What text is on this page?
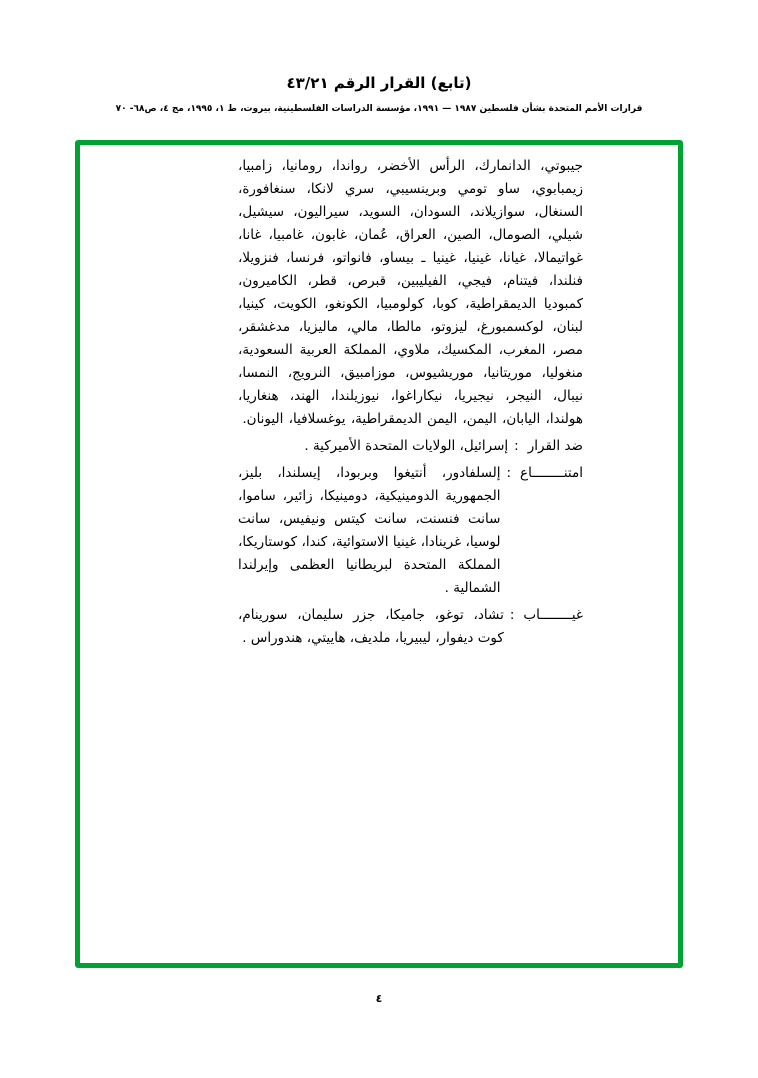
(تابع) القرار الرقم ٤٣/٢١
قرارات الأمم المتحدة بشأن فلسطين ١٩٨٧ — ١٩٩١، مؤسسة الدراسات الفلسطينية، بيروت، ط ١، ١٩٩٥، مج ٤، ص٦٨- ٧٠
جيبوتي، الدانمارك، الرأس الأخضر، رواندا، رومانيا، زامبيا، زيمبابوي، ساو تومي وبرينسيبي، سري لانكا، سنغافورة، السنغال، سوازيلاند، السودان، السويد، سيراليون، سيشيل، شيلي، الصومال، الصين، العراق، عُمان، غابون، غامبيا، غانا، غواتيمالا، غيانا، غينيا، غينيا ـ بيساو، فانواتو، فرنسا، فنزويلا، فنلندا، فيتنام، فيجي، الفيليبين، قبرص، قطر، الكاميرون، كمبوديا الديمقراطية، كوبا، كولومبيا، الكونغو، الكويت، كينيا، لبنان، لوكسمبورغ، ليزوتو، مالطا، مالي، ماليزيا، مدغشقر، مصر، المغرب، المكسيك، ملاوي، المملكة العربية السعودية، منغوليا، موريتانيا، موريشيوس، موزامبيق، النرويج، النمسا، نيبال، النيجر، نيجيريا، نيكاراغوا، نيوزيلندا، الهند، هنغاريا، هولندا، اليابان، اليمن، اليمن الديمقراطية، يوغسلافيا، اليونان.
ضد القرار
:
إسرائيل، الولايات المتحدة الأميركية .
امتنــــــــاع
:
إلسلفادور، أنتيغوا وبربودا، إيسلندا، بليز، الجمهورية الدومينيكية، دومينيكا، زائير، ساموا، سانت فنسنت، سانت كيتس ونيفيس، سانت لوسيا، غرينادا، غينيا الاستوائية، كندا، كوستاريكا، المملكة المتحدة لبريطانيا العظمى وإيرلندا الشمالية .
غيــــــــاب
:
تشاد، توغو، جاميكا، جزر سليمان، سورينام، كوت ديفوار، ليبيريا، ملديف، هاييتي، هندوراس .
٤
